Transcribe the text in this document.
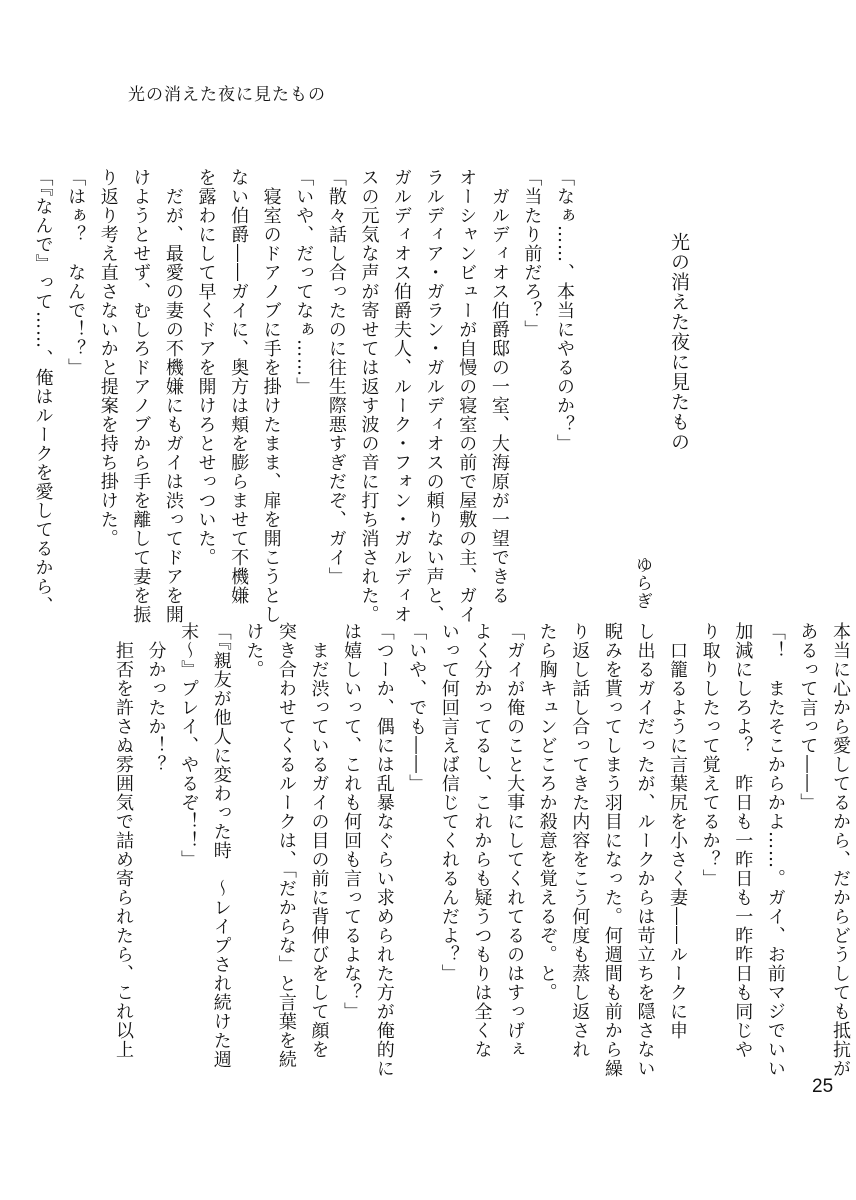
光の消えた夜に見たもの
光の消えた夜に見たもの
ゆらぎ
「なぁ……、本当にやるのか？」
「当たり前だろ？」
　ガルディオス伯爵邸の一室、大海原が一望できる
オーシャンビューが自慢の寝室の前で屋敷の主、ガイ
ラルディア・ガラン・ガルディオスの頼りない声と、
ガルディオス伯爵夫人、ルーク・フォン・ガルディオ
スの元気な声が寄せては返す波の音に打ち消された。
「散々話し合ったのに往生際悪すぎだぞ、ガイ」
「いや、だってなぁ……」
　寝室のドアノブに手を掛けたまま、扉を開こうとし
ない伯爵――ガイに、奥方は頬を膨らませて不機嫌
を露わにして早くドアを開けろとせっついた。
　だが、最愛の妻の不機嫌にもガイは渋ってドアを開
けようとせず、むしろドアノブから手を離して妻を振
り返り考え直さないかと提案を持ち掛けた。
「はぁ？　なんで！？」
「『なんで』って……、俺はルークを愛してるから、
本当に心から愛してるから、だからどうしても抵抗が
あるって言って――」
「！　またそこからかよ……。ガイ、お前マジでいい
加減にしろよ？　昨日も一昨日も一昨昨日も同じや
り取りしたって覚えてるか？」
　口籠るように言葉尻を小さく妻――ルークに申
し出るガイだったが、ルークからは苛立ちを隠さない
睨みを貰ってしまう羽目になった。何週間も前から繰
り返し話し合ってきた内容をこう何度も蒸し返され
たら胸キュンどころか殺意を覚えるぞ。と。
「ガイが俺のこと大事にしてくれてるのはすっげぇ
よく分かってるし、これからも疑うつもりは全くな
いって何回言えば信じてくれるんだよ？」
「いや、でも――」
「つーか、偶には乱暴なぐらい求められた方が俺的に
は嬉しいって、これも何回も言ってるよな？」
　まだ渋っているガイの目の前に背伸びをして顔を
突き合わせてくるルークは、「だからな」と言葉を続
けた。
「『親友が他人に変わった時　～レイプされ続けた週
末～』プレイ、やるぞ！！」
　分かったか！？
　拒否を許さぬ雰囲気で詰め寄られたら、これ以上
25
